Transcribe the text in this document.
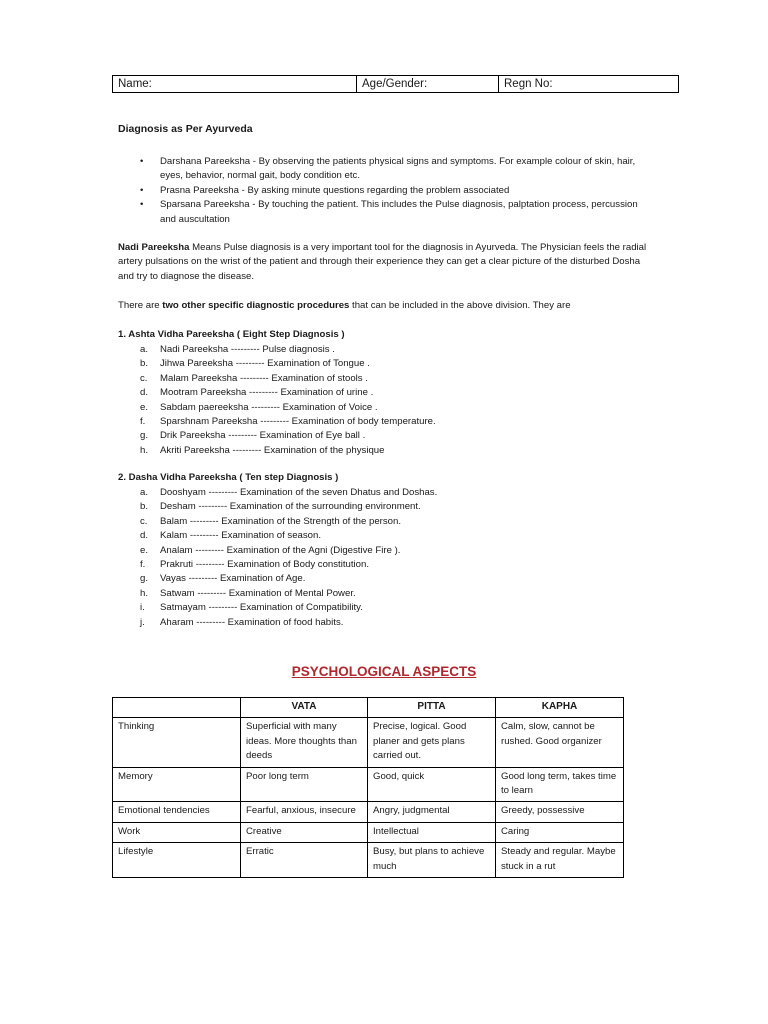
Name:	Age/Gender:	Regn No:
Diagnosis as Per Ayurveda
• Darshana Pareeksha - By observing the patients physical signs and symptoms. For example colour of skin, hair, eyes, behavior, normal gait, body condition etc.
• Prasna Pareeksha - By asking minute questions regarding the problem associated
• Sparsana Pareeksha - By touching the patient. This includes the Pulse diagnosis, palptation process, percussion and auscultation

Nadi Pareeksha Means Pulse diagnosis is a very important tool for the diagnosis in Ayurveda. The Physician feels the radial artery pulsations on the wrist of the patient and through their experience they can get a clear picture of the disturbed Dosha and try to diagnose the disease.

There are two other specific diagnostic procedures that can be included in the above division. They are

1. Ashta Vidha Pareeksha ( Eight Step Diagnosis )

a. Nadi Pareeksha --------- Pulse diagnosis .
b. Jihwa Pareeksha --------- Examination of Tongue .
c. Malam Pareeksha --------- Examination of stools .
d. Mootram Pareeksha --------- Examination of urine .
e. Sabdam paereeksha --------- Examination of Voice .
f. Sparshnam Pareeksha --------- Examination of body temperature.
g. Drik Pareeksha --------- Examination of Eye ball .
h. Akriti Pareeksha --------- Examination of the physique

2. Dasha Vidha Pareeksha ( Ten step Diagnosis )

a. Dooshyam --------- Examination of the seven Dhatus and Doshas.
b. Desham --------- Examination of the surrounding environment.
c. Balam --------- Examination of the Strength of the person.
d. Kalam --------- Examination of season.
e. Analam --------- Examination of the Agni (Digestive Fire ).
f. Prakruti --------- Examination of Body constitution.
g. Vayas --------- Examination of Age.
h. Satwam --------- Examination of Mental Power.
i. Satmayam --------- Examination of Compatibility.
j. Aharam --------- Examination of food habits.
PSYCHOLOGICAL ASPECTS
	VATA	PITTA	KAPHA
Thinking	Superficial with many ideas. More thoughts than deeds	Precise, logical. Good planer and gets plans carried out.	Calm, slow, cannot be rushed. Good organizer
Memory	Poor long term	Good, quick	Good long term, takes time to learn
Emotional tendencies	Fearful, anxious, insecure	Angry, judgmental	Greedy, possessive
Work	Creative	Intellectual	Caring
Lifestyle	Erratic	Busy, but plans to achieve much	Steady and regular. Maybe stuck in a rut
